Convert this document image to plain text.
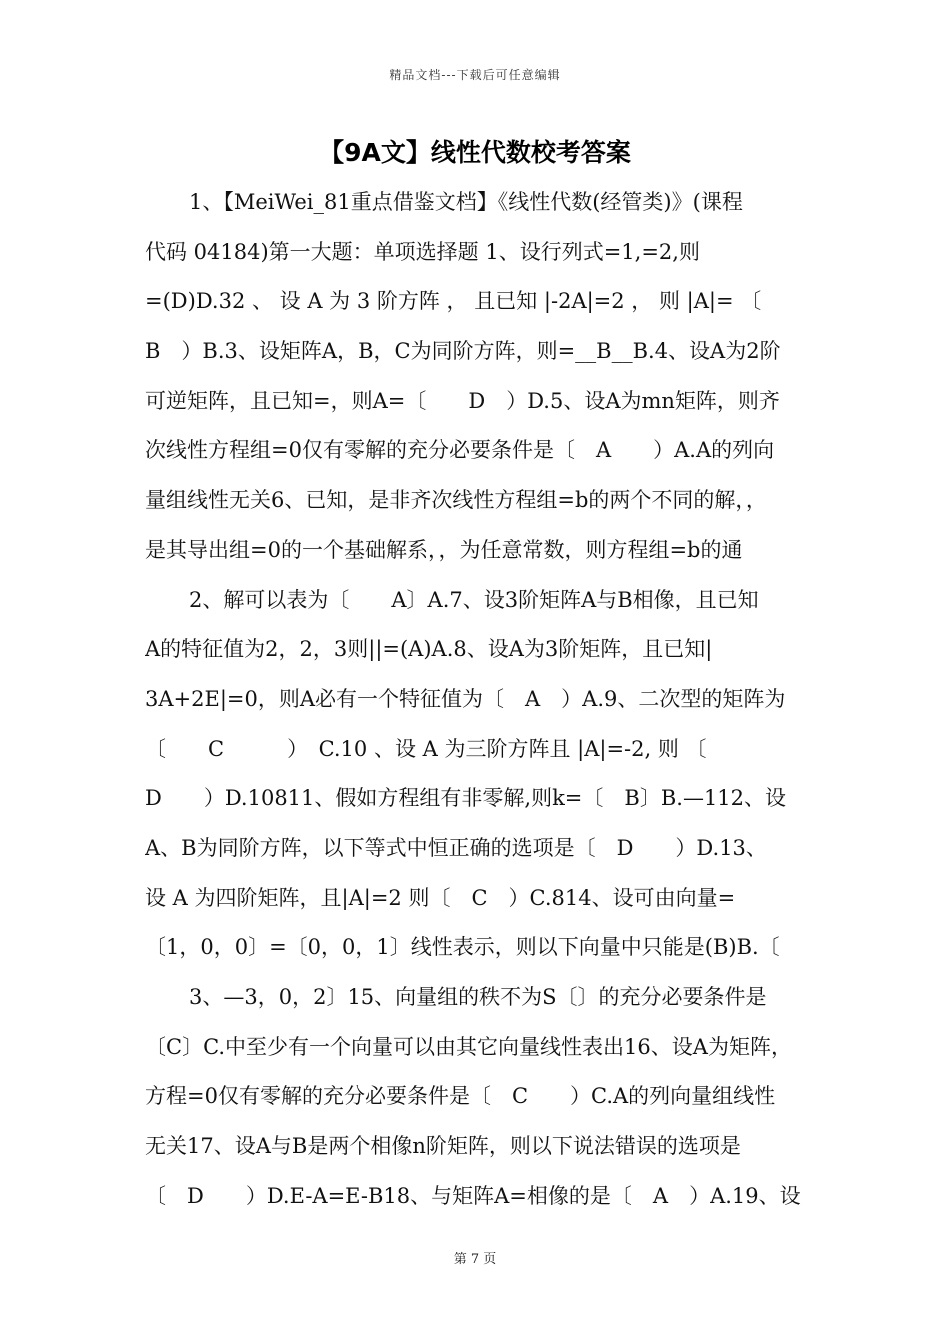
精品文档---下载后可任意编辑
【9A文】线性代数校考答案
1、【MeiWei_81重点借鉴文档】《线性代数(经管类)》(课程
代码 04184)第一大题：单项选择题 1、设行列式=1,=2,则
=(D)D.32 、 设 A 为 3 阶方阵 ， 且已知 |-2A|=2 ， 则 |A|= 〔
B　）B.3、设矩阵A，B，C为同阶方阵，则=__B__B.4、设A为2阶
可逆矩阵，且已知=，则A=〔　　D　）D.5、设A为mn矩阵，则齐
次线性方程组=0仅有零解的充分必要条件是〔　A　　）A.A的列向
量组线性无关6、已知，是非齐次线性方程组=b的两个不同的解，，
是其导出组=0的一个基础解系，，为任意常数，则方程组=b的通
2、解可以表为〔　　A〕A.7、设3阶矩阵A与B相像，且已知
A的特征值为2，2，3则||=(A)A.8、设A为3阶矩阵，且已知|
3A+2E|=0，则A必有一个特征值为〔　A　）A.9、二次型的矩阵为
〔　　C　　　）　C.10 、设 A 为三阶方阵且 |A|=-2, 则 〔
D　　）D.10811、假如方程组有非零解,则k=〔　B〕B.—112、设
A、B为同阶方阵，以下等式中恒正确的选项是〔　D　　）D.13、
设 A 为四阶矩阵，且|A|=2 则〔　C　）C.814、设可由向量=
〔1，0，0〕=〔0，0，1〕线性表示，则以下向量中只能是(B)B.〔
3、—3，0，2〕15、向量组的秩不为S〔〕的充分必要条件是
〔C〕C.中至少有一个向量可以由其它向量线性表出16、设A为矩阵，
方程=0仅有零解的充分必要条件是〔　C　　）C.A的列向量组线性
无关17、设A与B是两个相像n阶矩阵，则以下说法错误的选项是
〔　D　　）D.E-A=E-B18、与矩阵A=相像的是〔　A　）A.19、设
第 7 页
